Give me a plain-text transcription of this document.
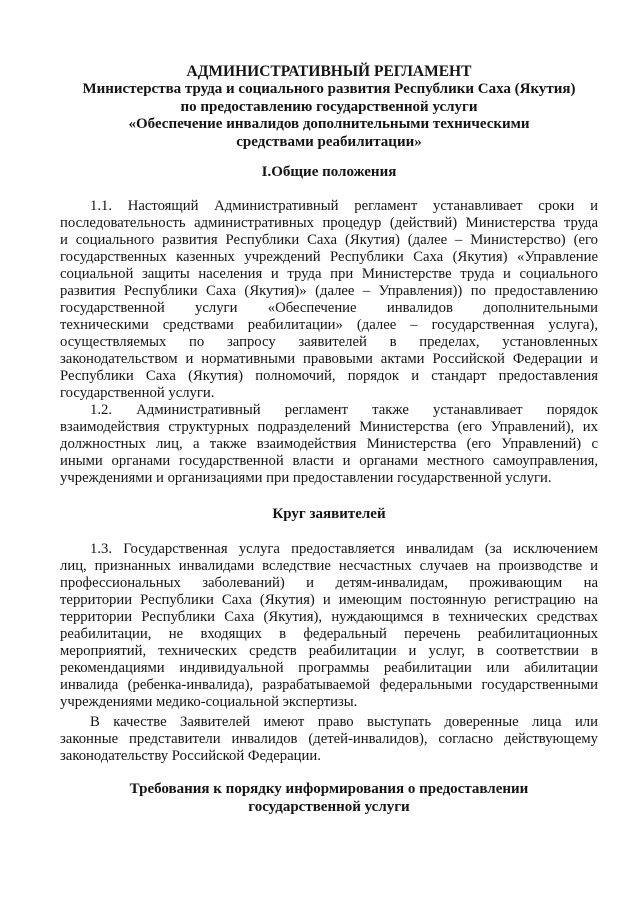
АДМИНИСТРАТИВНЫЙ РЕГЛАМЕНТ
Министерства труда и социального развития Республики Саха (Якутия)
по предоставлению государственной услуги
«Обеспечение инвалидов дополнительными техническими
средствами реабилитации»
I.Общие положения
1.1. Настоящий Административный регламент устанавливает сроки и
последовательность административных процедур (действий) Министерства труда
и социального развития Республики Саха (Якутия) (далее – Министерство) (его
государственных казенных учреждений Республики Саха (Якутия) «Управление
социальной защиты населения и труда при Министерстве труда и социального
развития Республики Саха (Якутия)» (далее – Управления)) по предоставлению
государственной услуги «Обеспечение инвалидов дополнительными
техническими средствами реабилитации» (далее – государственная услуга),
осуществляемых по запросу заявителей в пределах, установленных
законодательством и нормативными правовыми актами Российской Федерации и
Республики Саха (Якутия) полномочий, порядок и стандарт предоставления
государственной услуги.
1.2. Административный регламент также устанавливает порядок
взаимодействия структурных подразделений Министерства (его Управлений), их
должностных лиц, а также взаимодействия Министерства (его Управлений) с
иными органами государственной власти и органами местного самоуправления,
учреждениями и организациями при предоставлении государственной услуги.
Круг заявителей
1.3. Государственная услуга предоставляется инвалидам (за исключением
лиц, признанных инвалидами вследствие несчастных случаев на производстве и
профессиональных заболеваний) и детям-инвалидам, проживающим на
территории Республики Саха (Якутия) и имеющим постоянную регистрацию на
территории Республики Саха (Якутия), нуждающимся в технических средствах
реабилитации, не входящих в федеральный перечень реабилитационных
мероприятий, технических средств реабилитации и услуг, в соответствии в
рекомендациями индивидуальной программы реабилитации или абилитации
инвалида (ребенка-инвалида), разрабатываемой федеральными государственными
учреждениями медико-социальной экспертизы.
В качестве Заявителей имеют право выступать доверенные лица или
законные представители инвалидов (детей-инвалидов), согласно действующему
законодательству Российской Федерации.
Требования к порядку информирования о предоставлении
государственной услуги
